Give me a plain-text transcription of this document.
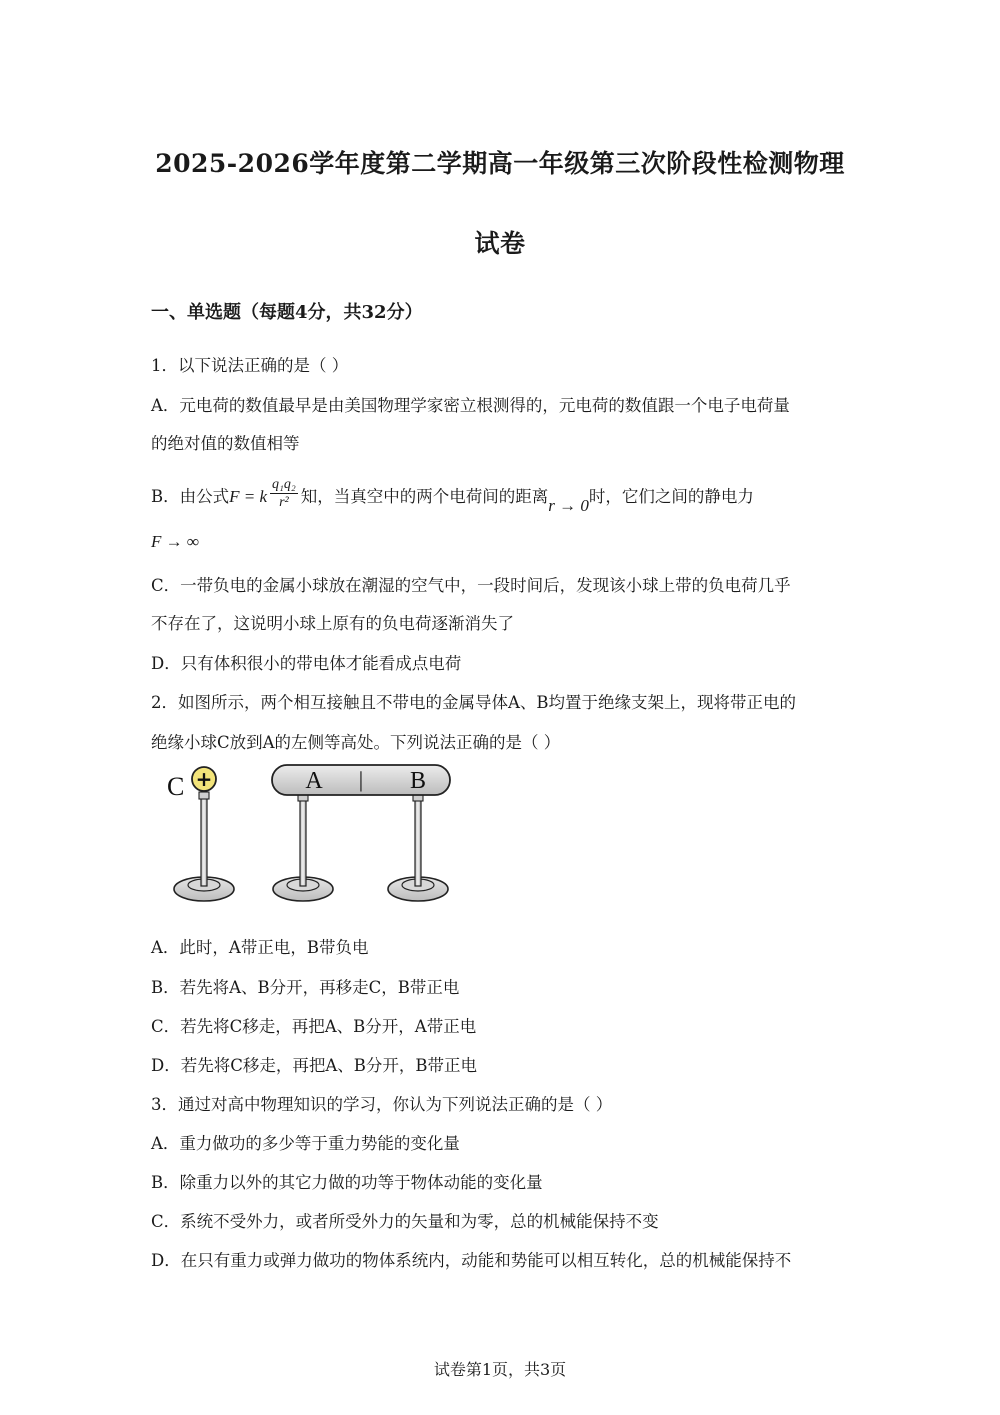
2025-2026学年度第二学期高一年级第三次阶段性检测物理
试卷
一、单选题（每题4分，共32分）
1．以下说法正确的是（ ）
A．元电荷的数值最早是由美国物理学家密立根测得的，元电荷的数值跟一个电子电荷量
的绝对值的数值相等
B．由公式F = k $\frac{\text{q₁q₂}}{\text{r²}}$ 知，当真空中的两个电荷间的距离r → 0时，它们之间的静电力
F → ∞
C．一带负电的金属小球放在潮湿的空气中，一段时间后，发现该小球上带的负电荷几乎
不存在了，这说明小球上原有的负电荷逐渐消失了
D．只有体积很小的带电体才能看成点电荷
2．如图所示，两个相互接触且不带电的金属导体A、B均置于绝缘支架上，现将带正电的
绝缘小球C放到A的左侧等高处。下列说法正确的是（ ）
+
C	A | B
A．此时，A带正电，B带负电
B．若先将A、B分开，再移走C，B带正电
C．若先将C移走，再把A、B分开，A带正电
D．若先将C移走，再把A、B分开，B带正电
3．通过对高中物理知识的学习，你认为下列说法正确的是（ ）
A．重力做功的多少等于重力势能的变化量
B．除重力以外的其它力做的功等于物体动能的变化量
C．系统不受外力，或者所受外力的矢量和为零，总的机械能保持不变
D．在只有重力或弹力做功的物体系统内，动能和势能可以相互转化，总的机械能保持不
试卷第1页，共3页
